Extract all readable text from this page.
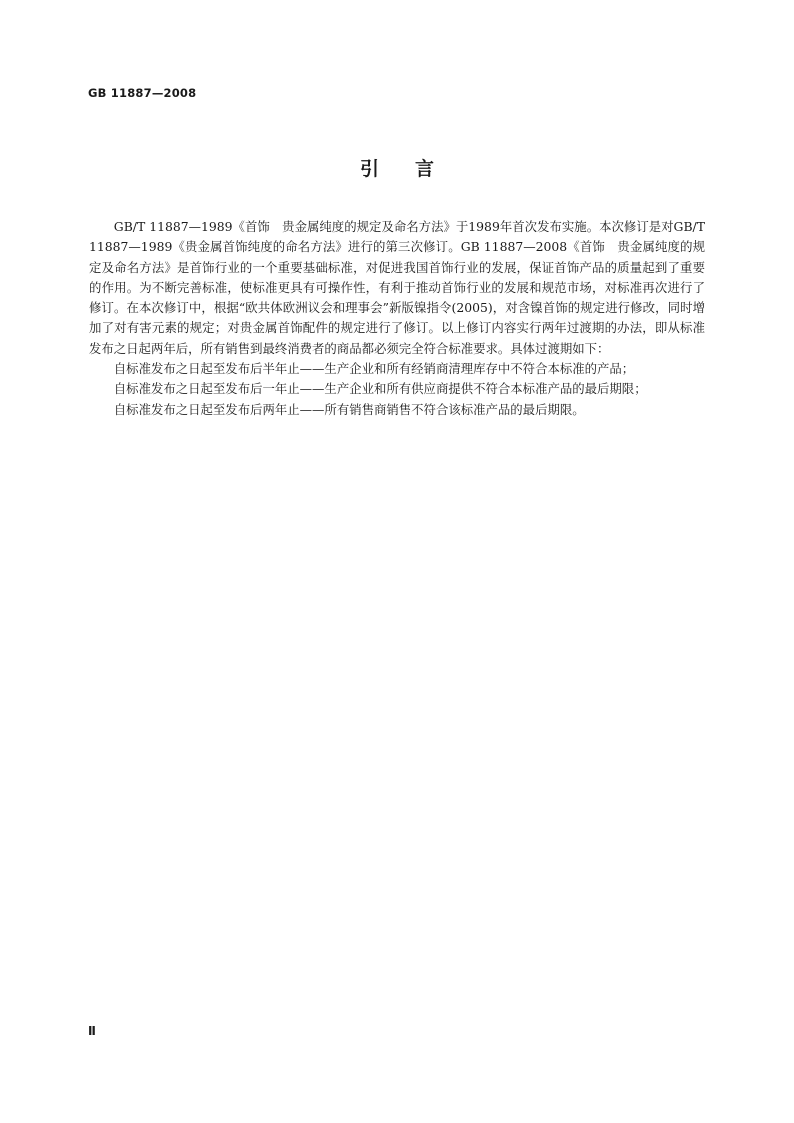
GB 11887—2008
引言

GB/T 11887—1989《首饰　贵金属纯度的规定及命名方法》于1989年首次发布实施。本次修订是对GB/T 11887—1989《贵金属首饰纯度的命名方法》进行的第三次修订。GB 11887—2008《首饰　贵金属纯度的规定及命名方法》是首饰行业的一个重要基础标准，对促进我国首饰行业的发展，保证首饰产品的质量起到了重要的作用。为不断完善标准，使标准更具有可操作性，有利于推动首饰行业的发展和规范市场，对标准再次进行了修订。在本次修订中，根据“欧共体欧洲议会和理事会”新版镍指令(2005)，对含镍首饰的规定进行修改，同时增加了对有害元素的规定；对贵金属首饰配件的规定进行了修订。以上修订内容实行两年过渡期的办法，即从标准发布之日起两年后，所有销售到最终消费者的商品都必须完全符合标准要求。具体过渡期如下：

自标准发布之日起至发布后半年止——生产企业和所有经销商清理库存中不符合本标准的产品；

自标准发布之日起至发布后一年止——生产企业和所有供应商提供不符合本标准产品的最后期限；

自标准发布之日起至发布后两年止——所有销售商销售不符合该标准产品的最后期限。

Ⅱ
